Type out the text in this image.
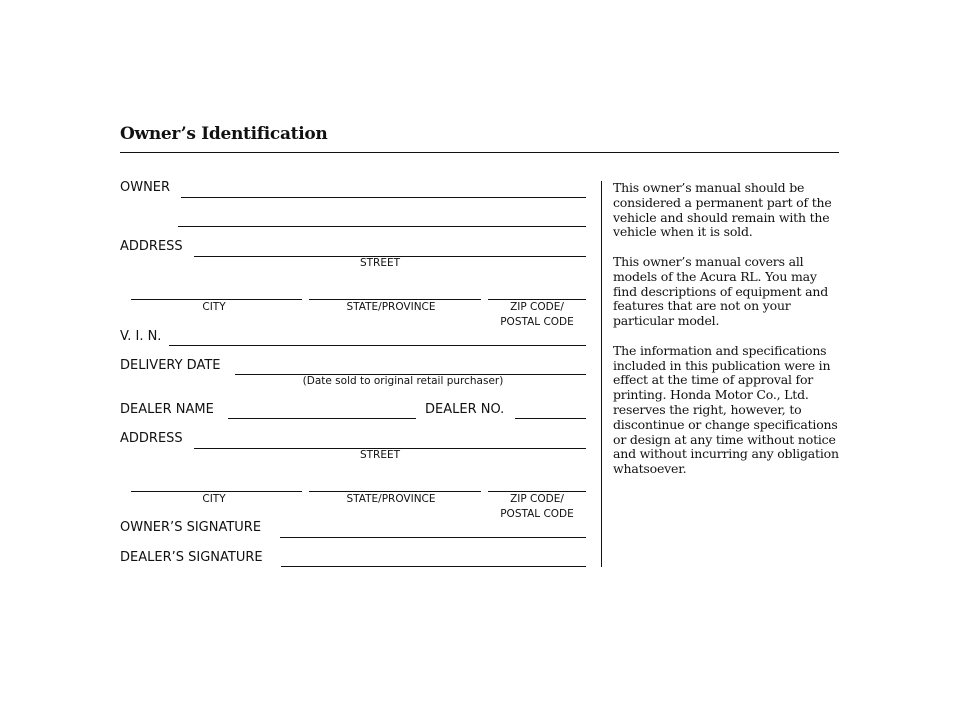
Owner’s Identification
OWNER
ADDRESS
STREET
CITY	STATE/PROVINCE	ZIP CODE/
POSTAL CODE
V. I. N.
DELIVERY DATE
(Date sold to original retail purchaser)
DEALER NAME	DEALER NO.
ADDRESS
STREET
CITY	STATE/PROVINCE	ZIP CODE/
POSTAL CODE
OWNER’S SIGNATURE
DEALER’S SIGNATURE

This owner’s manual should be considered a permanent part of the vehicle and should remain with the vehicle when it is sold.

This owner’s manual covers all models of the Acura RL. You may find descriptions of equipment and features that are not on your particular model.

The information and specifications included in this publication were in effect at the time of approval for printing. Honda Motor Co., Ltd. reserves the right, however, to discontinue or change specifications or design at any time without notice and without incurring any obligation whatsoever.
